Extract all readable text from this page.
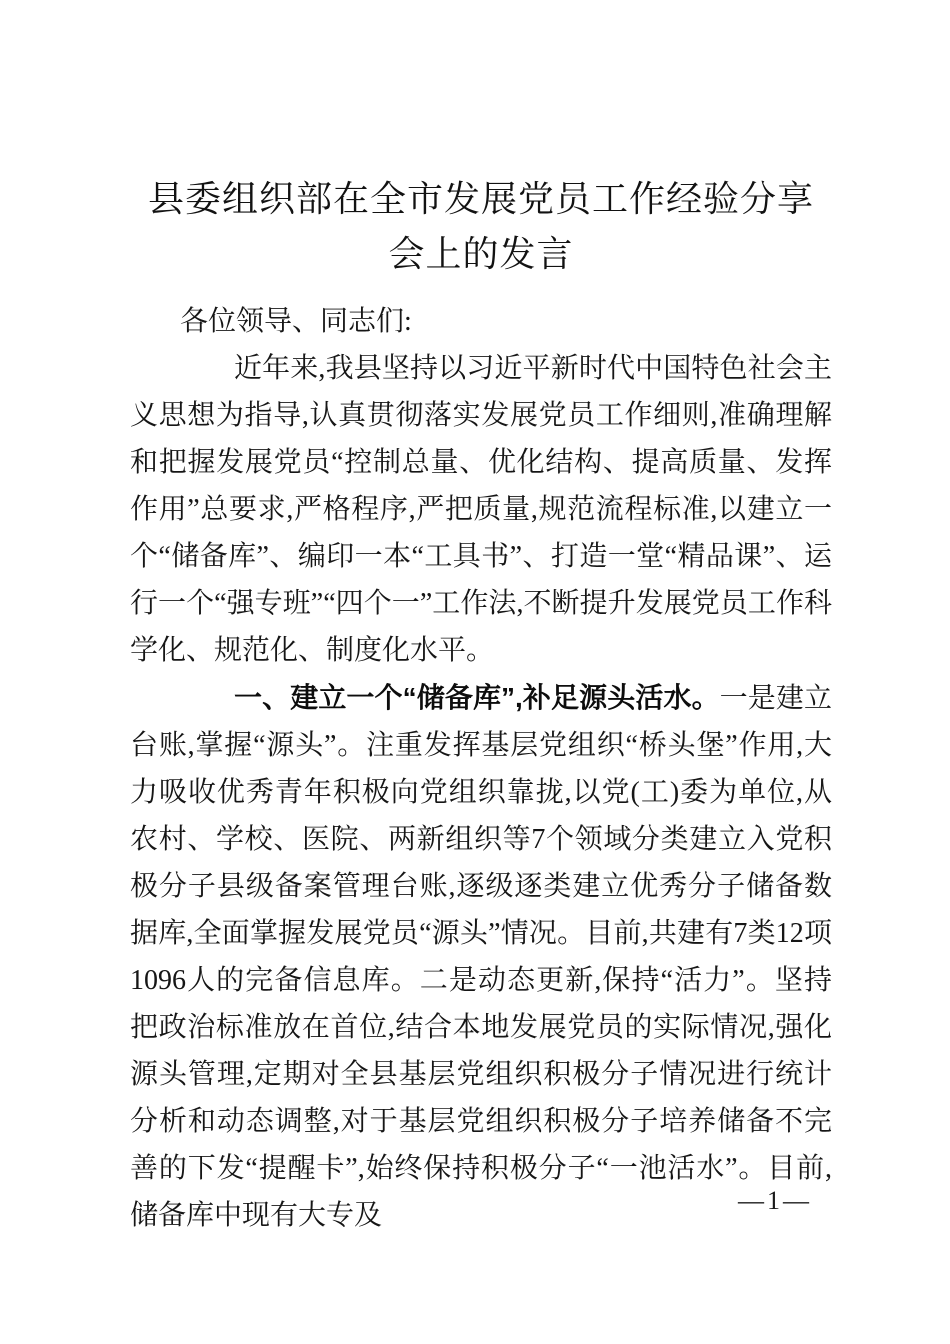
县委组织部在全市发展党员工作经验分享会上的发言

各位领导、同志们:

近年来,我县坚持以习近平新时代中国特色社会主义思想为指导,认真贯彻落实发展党员工作细则,准确理解和把握发展党员“控制总量、优化结构、提高质量、发挥作用”总要求,严格程序,严把质量,规范流程标准,以建立一个“储备库”、编印一本“工具书”、打造一堂“精品课”、运行一个“强专班”“四个一”工作法,不断提升发展党员工作科学化、规范化、制度化水平。

一、建立一个“储备库”,补足源头活水。一是建立台账,掌握“源头”。注重发挥基层党组织“桥头堡”作用,大力吸收优秀青年积极向党组织靠拢,以党(工)委为单位,从农村、学校、医院、两新组织等7个领域分类建立入党积极分子县级备案管理台账,逐级逐类建立优秀分子储备数据库,全面掌握发展党员“源头”情况。目前,共建有7类12项1096人的完备信息库。二是动态更新,保持“活力”。坚持把政治标准放在首位,结合本地发展党员的实际情况,强化源头管理,定期对全县基层党组织积极分子情况进行统计分析和动态调整,对于基层党组织积极分子培养储备不完善的下发“提醒卡”,始终保持积极分子“一池活水”。目前,储备库中现有大专及	—1—
